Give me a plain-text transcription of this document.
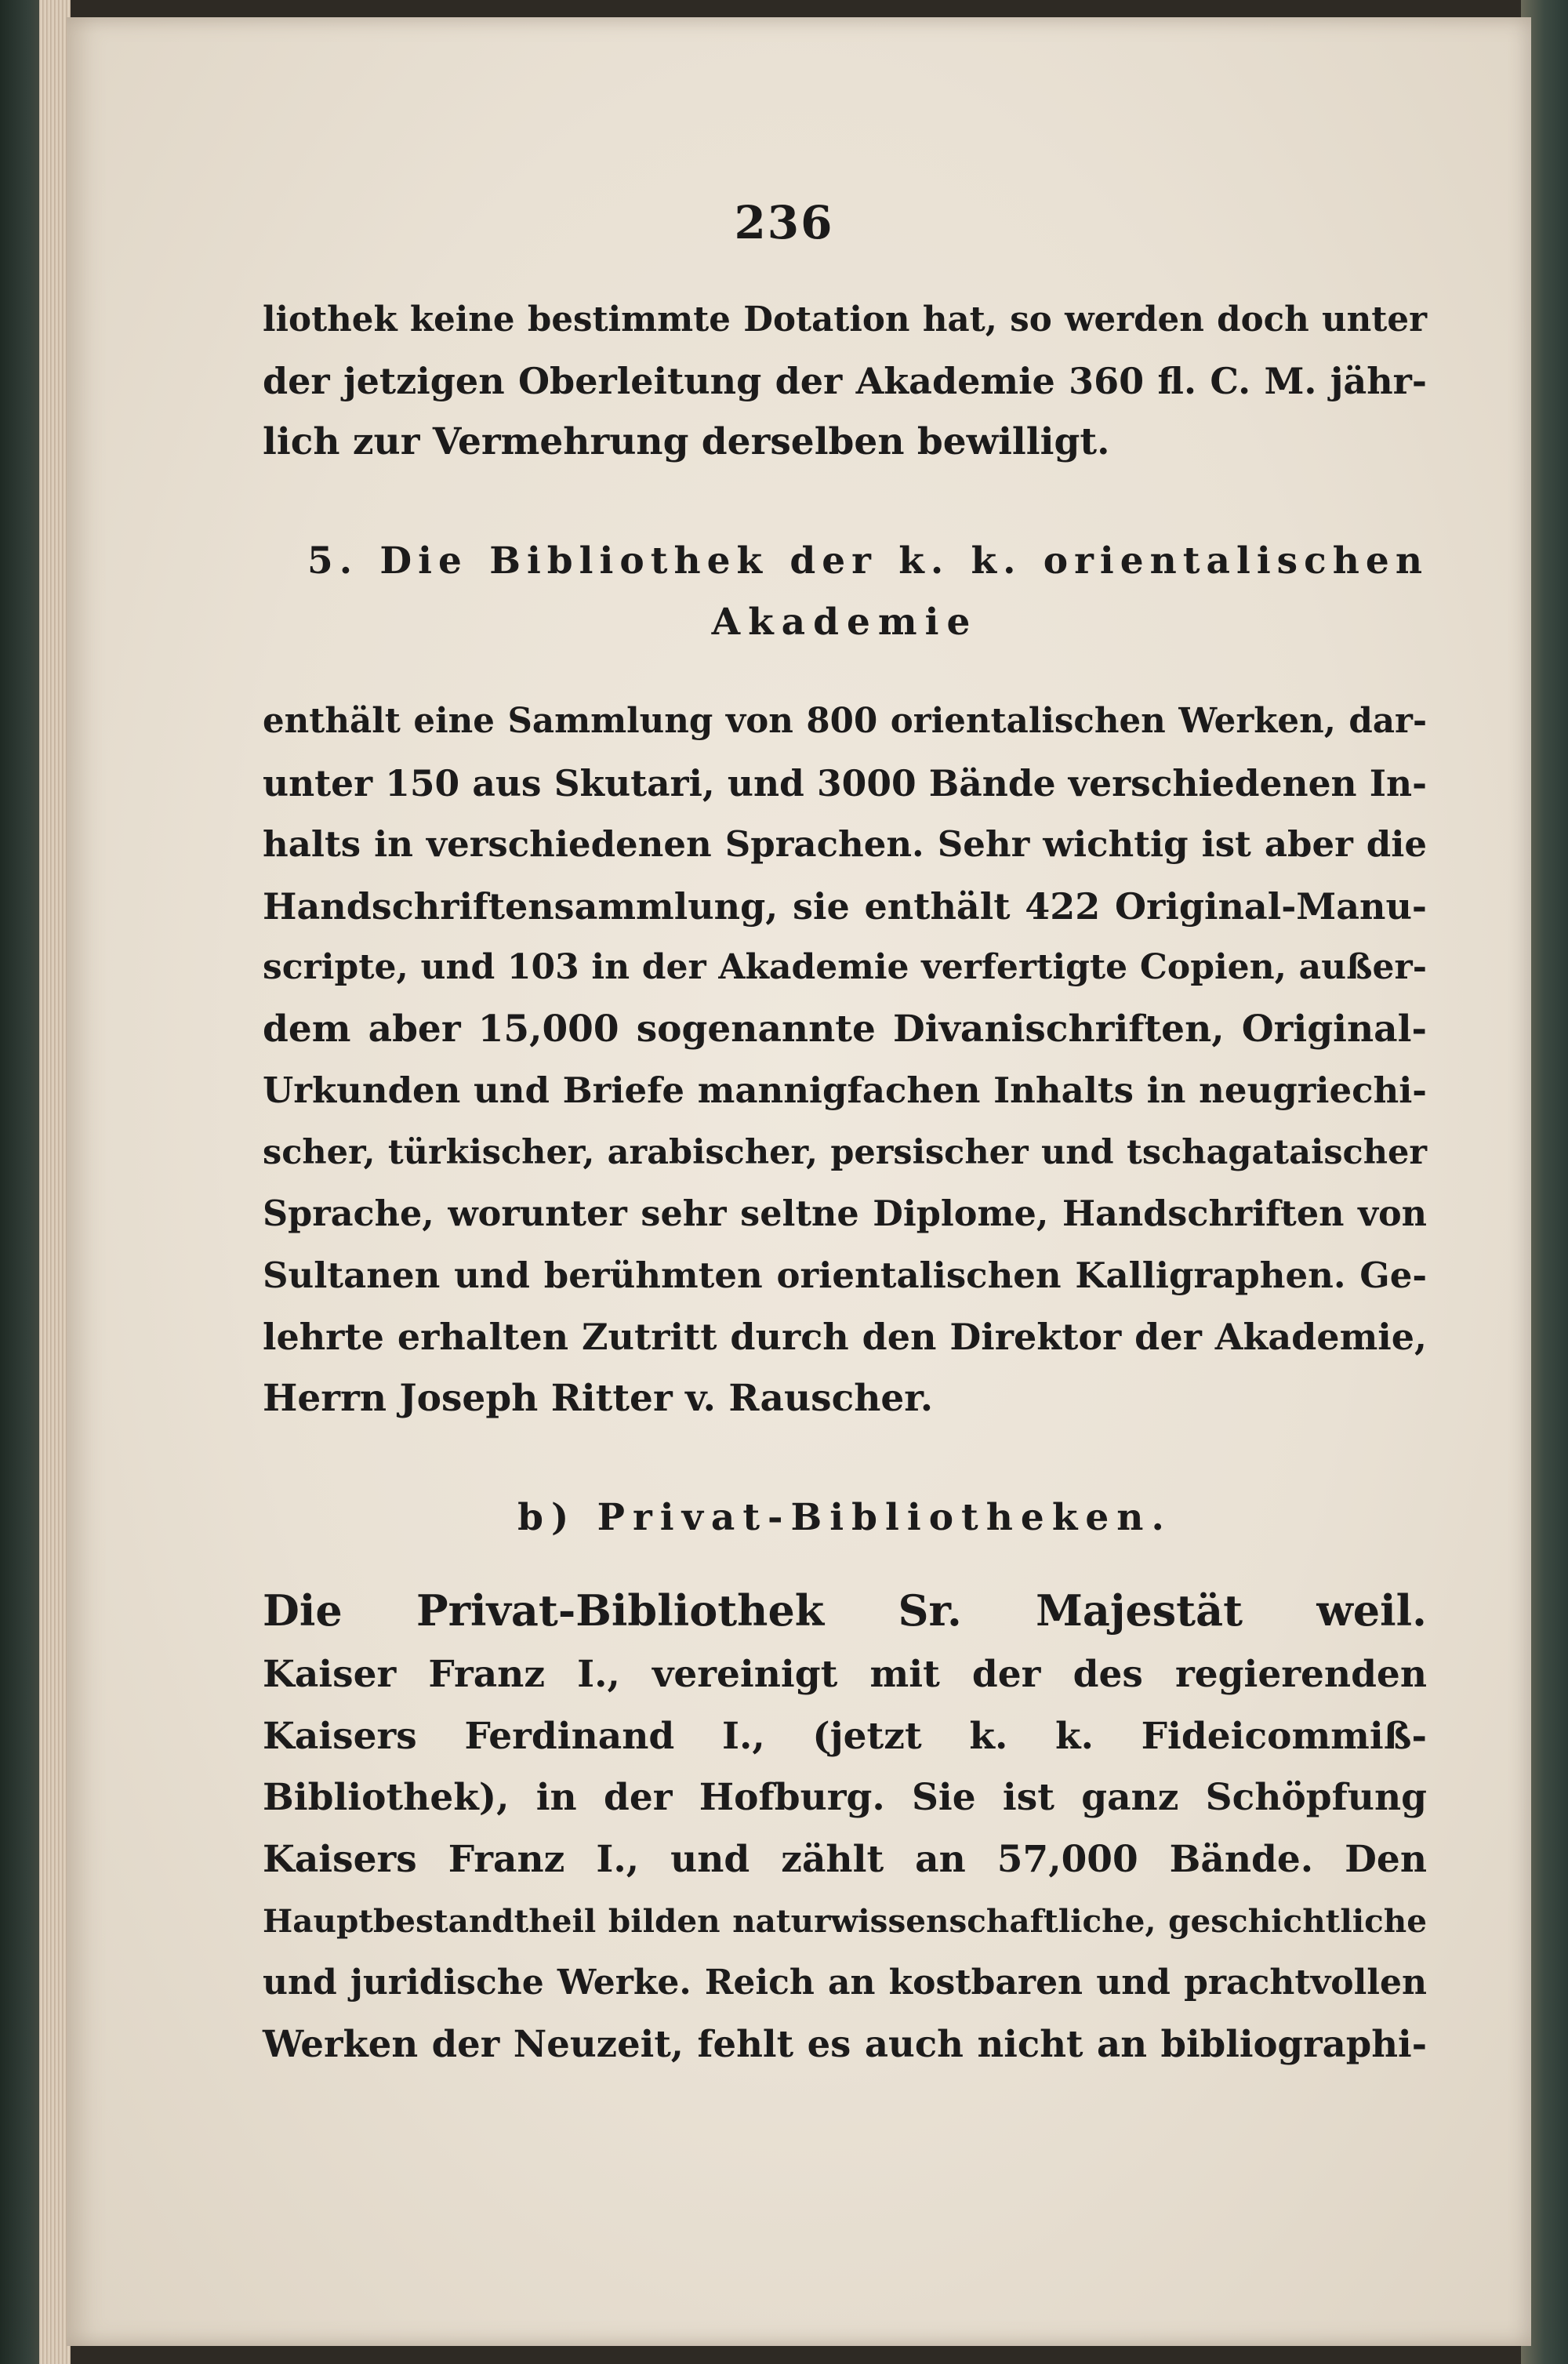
236
liothek keine bestimmte Dotation hat, so werden doch unter
der jetzigen Oberleitung der Akademie 360 fl. C. M. jähr-
lich zur Vermehrung derselben bewilligt.
5. Die Bibliothek der k. k. orientalischen
Akademie
enthält eine Sammlung von 800 orientalischen Werken, dar-
unter 150 aus Skutari, und 3000 Bände verschiedenen In-
halts in verschiedenen Sprachen. Sehr wichtig ist aber die
Handschriftensammlung, sie enthält 422 Original-Manu-
scripte, und 103 in der Akademie verfertigte Copien, außer-
dem aber 15,000 sogenannte Divanischriften, Original-
Urkunden und Briefe mannigfachen Inhalts in neugriechi-
scher, türkischer, arabischer, persischer und tschagataischer
Sprache, worunter sehr seltne Diplome, Handschriften von
Sultanen und berühmten orientalischen Kalligraphen. Ge-
lehrte erhalten Zutritt durch den Direktor der Akademie,
Herrn Joseph Ritter v. Rauscher.
b) Privat-Bibliotheken.
Die Privat-Bibliothek Sr. Majestät weil.
Kaiser Franz I., vereinigt mit der des regierenden
Kaisers Ferdinand I., (jetzt k. k. Fideicommiß-
Bibliothek), in der Hofburg. Sie ist ganz Schöpfung
Kaisers Franz I., und zählt an 57,000 Bände. Den
Hauptbestandtheil bilden naturwissenschaftliche, geschichtliche
und juridische Werke. Reich an kostbaren und prachtvollen
Werken der Neuzeit, fehlt es auch nicht an bibliographi-
